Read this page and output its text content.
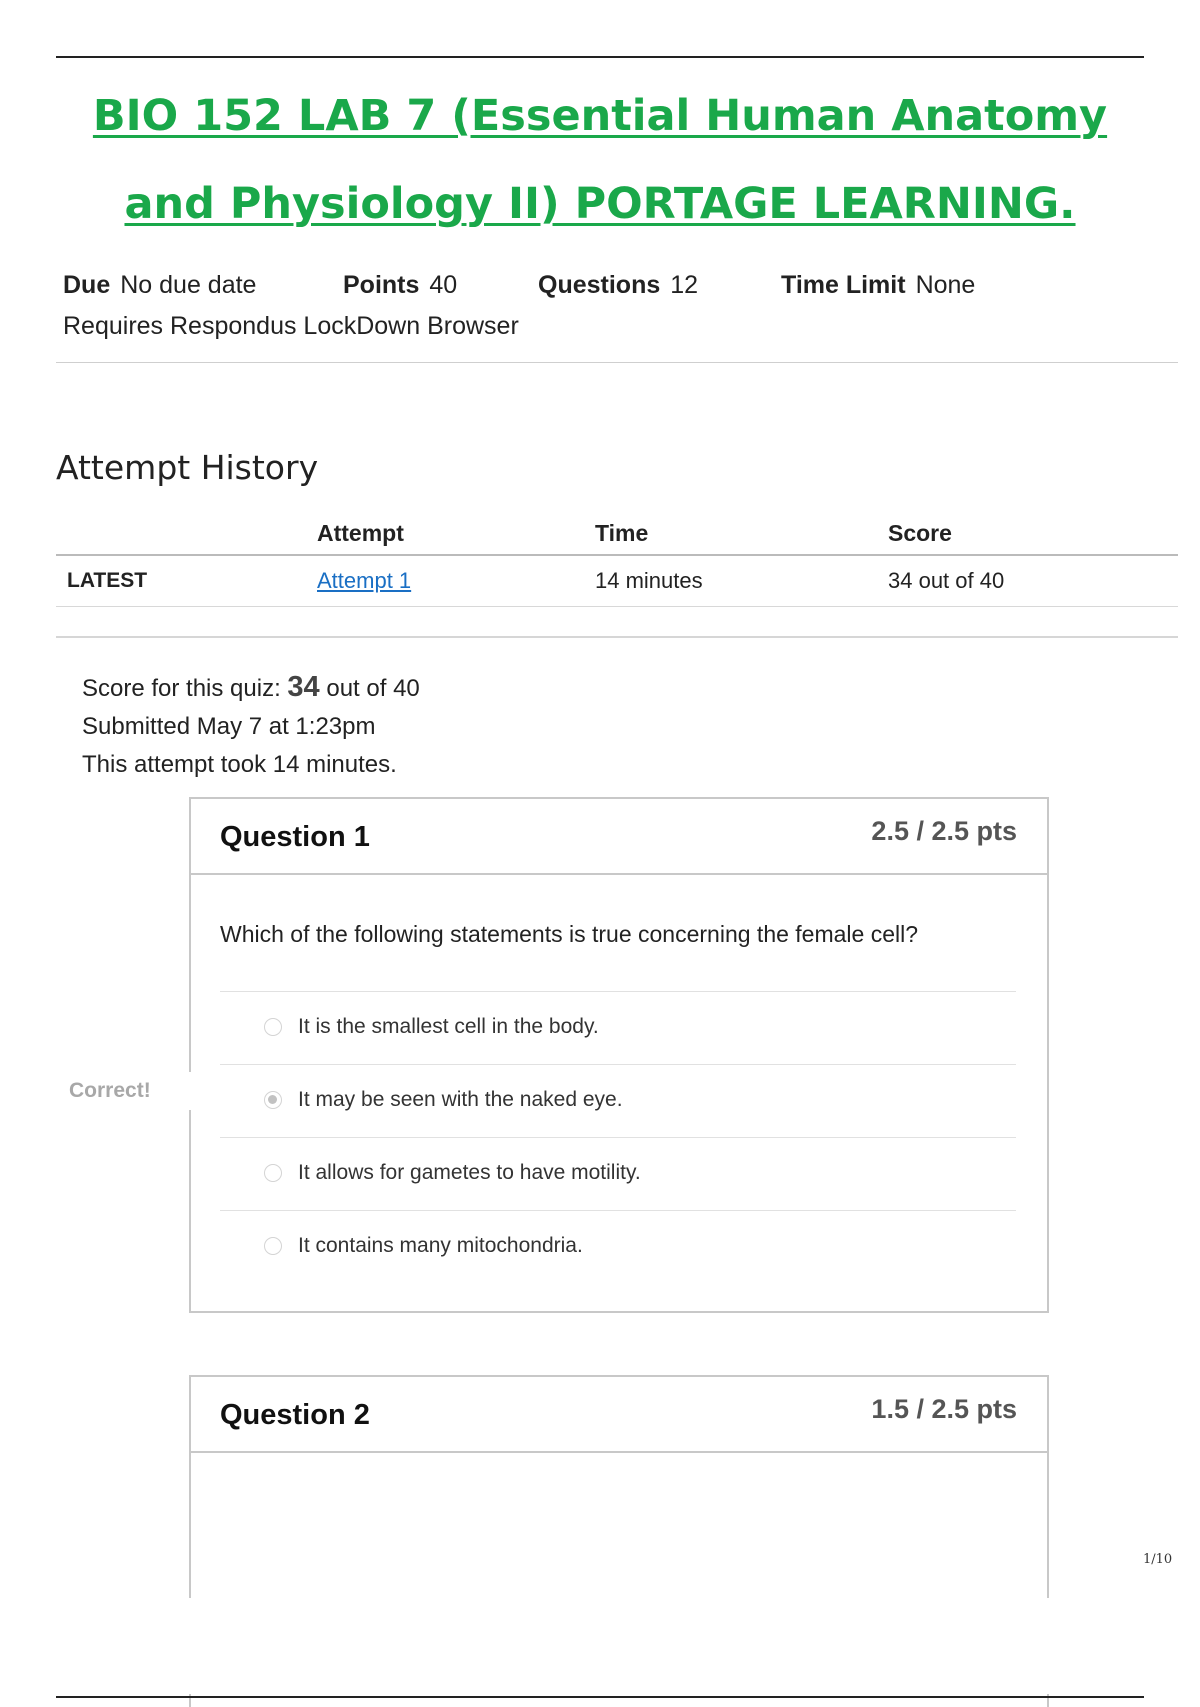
BIO 152 LAB 7 (Essential Human Anatomy and Physiology II) PORTAGE LEARNING.
Due No due date	Points 40	Questions 12	Time Limit None
Requires Respondus LockDown Browser
Attempt History
	Attempt	Time	Score
LATEST	Attempt 1	14 minutes	34 out of 40
Score for this quiz: 34 out of 40
Submitted May 7 at 1:23pm
This attempt took 14 minutes.
Question 1	2.5 / 2.5 pts
Which of the following statements is true concerning the female cell?
It is the smallest cell in the body.
It may be seen with the naked eye.
It allows for gametes to have motility.
It contains many mitochondria.
Correct!
Question 2	1.5 / 2.5 pts
1/10
